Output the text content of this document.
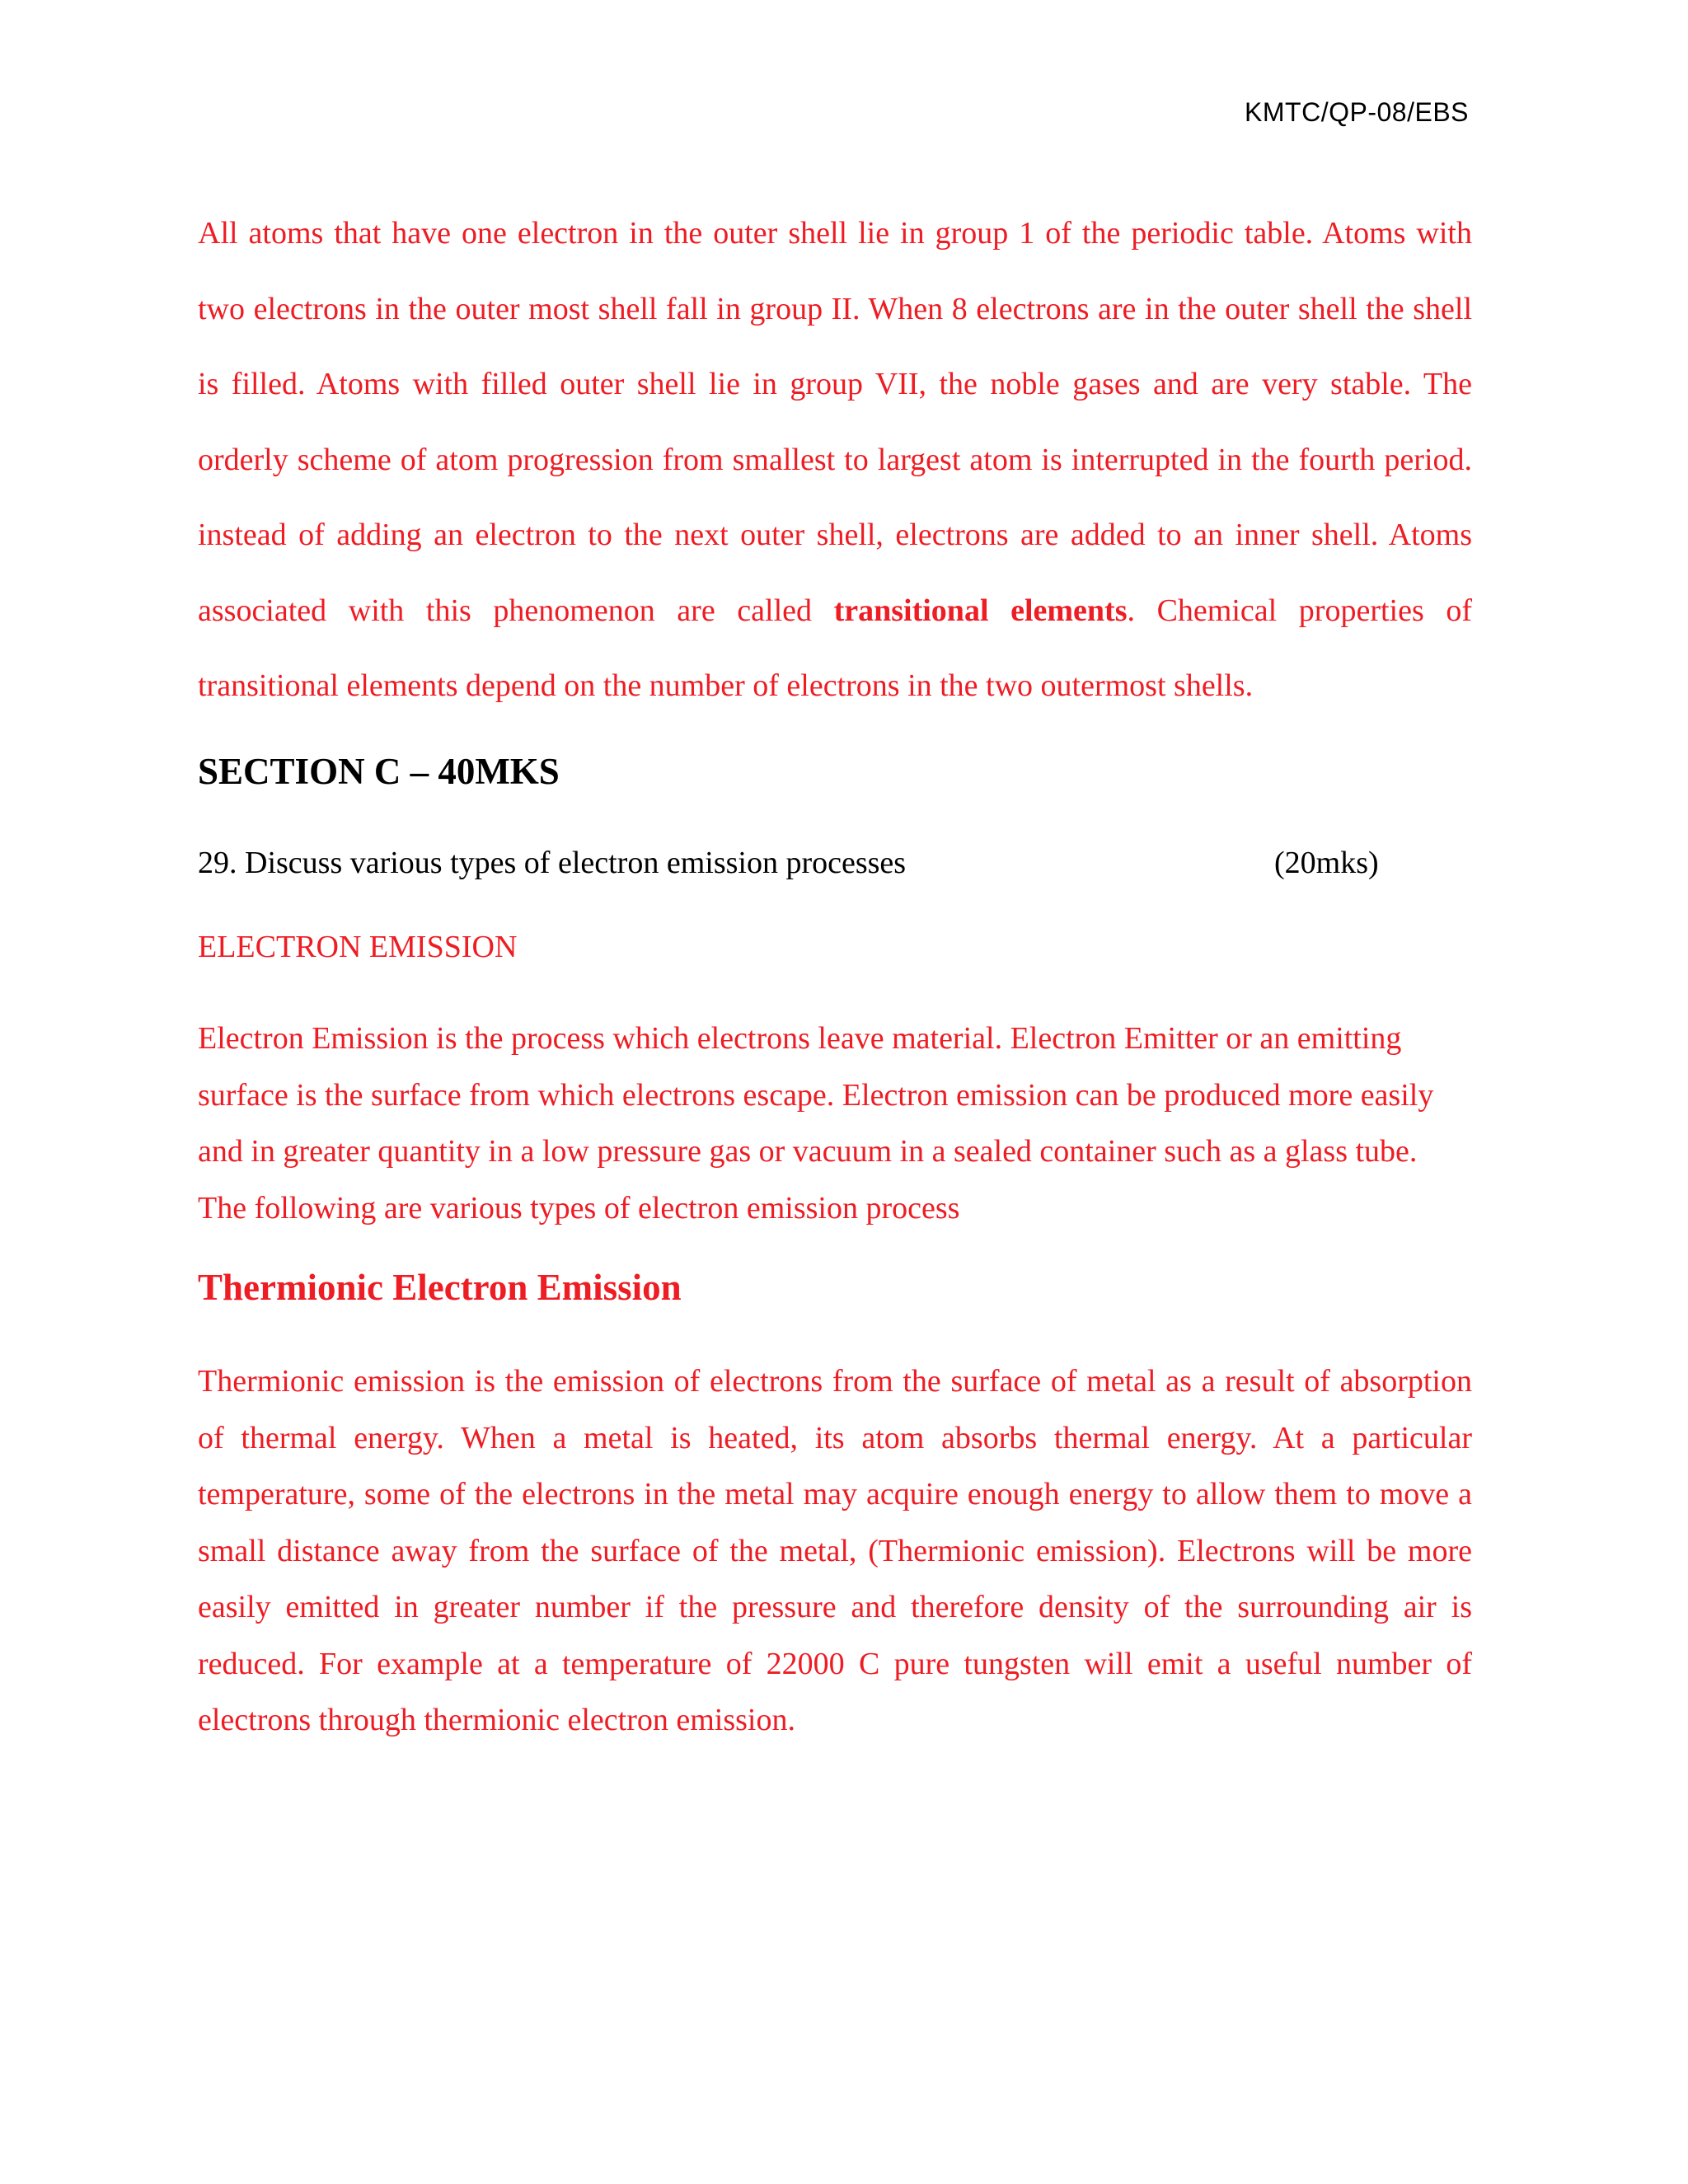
KMTC/QP-08/EBS

All atoms that have one electron in the outer shell lie in group 1 of the periodic table. Atoms with two electrons in the outer most shell fall in group II. When 8 electrons are in the outer shell the shell is filled. Atoms with filled outer shell lie in group VII, the noble gases and are very stable. The orderly scheme of atom progression from smallest to largest atom is interrupted in the fourth period. instead of adding an electron to the next outer shell, electrons are added to an inner shell. Atoms associated with this phenomenon are called transitional elements. Chemical properties of transitional elements depend on the number of electrons in the two outermost shells.

SECTION C – 40MKS
29. Discuss various types of electron emission processes	(20mks)
ELECTRON EMISSION

Electron Emission is the process which electrons leave material. Electron Emitter or an emitting surface is the surface from which electrons escape. Electron emission can be produced more easily and in greater quantity in a low pressure gas or vacuum in a sealed container such as a glass tube. The following are various types of electron emission process

Thermionic Electron Emission

Thermionic emission is the emission of electrons from the surface of metal as a result of absorption of thermal energy. When a metal is heated, its atom absorbs thermal energy. At a particular temperature, some of the electrons in the metal may acquire enough energy to allow them to move a small distance away from the surface of the metal, (Thermionic emission). Electrons will be more easily emitted in greater number if the pressure and therefore density of the surrounding air is reduced. For example at a temperature of 22000 C pure tungsten will emit a useful number of electrons through thermionic electron emission.
